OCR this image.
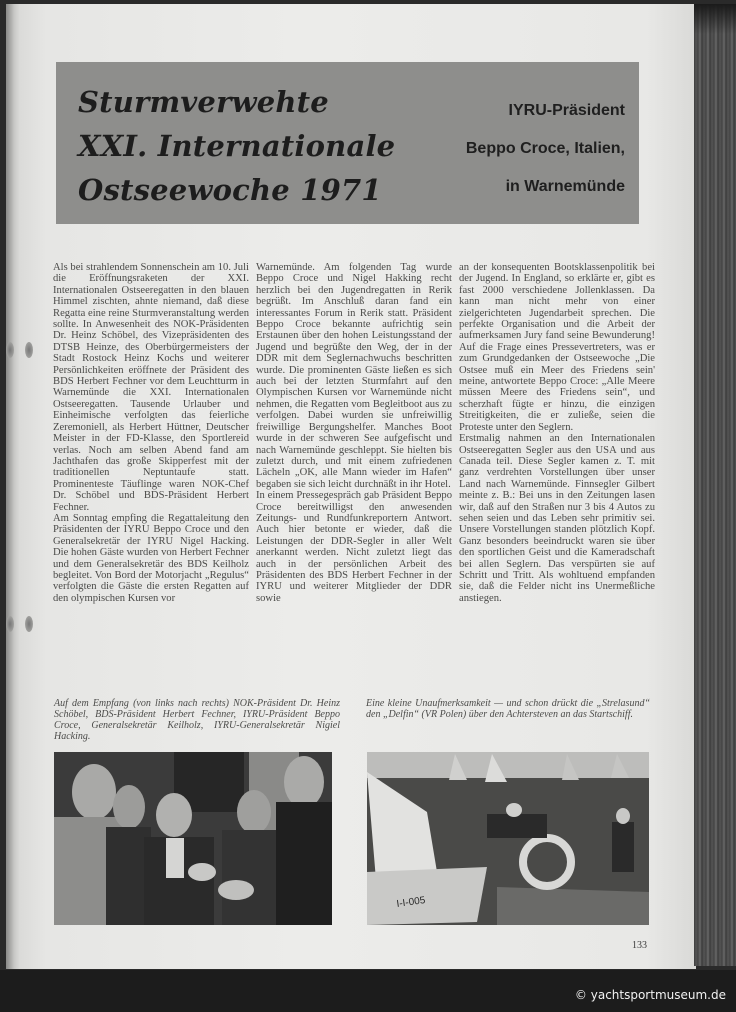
Sturmverwehte
XXI. Internationale
Ostseewoche 1971
IYRU-Präsident
Beppo Croce, Italien,
in Warnemünde

Als bei strahlendem Sonnenschein am 10. Juli die Eröffnungsraketen der XXI. Internationalen Ostseeregatten in den blauen Himmel zischten, ahnte niemand, daß diese Regatta eine reine Sturmveranstaltung werden sollte. In Anwesenheit des NOK-Präsidenten Dr. Heinz Schöbel, des Vizepräsidenten des DTSB Heinze, des Oberbürgermeisters der Stadt Rostock Heinz Kochs und weiterer Persönlichkeiten eröffnete der Präsident des BDS Herbert Fechner vor dem Leuchtturm in Warnemünde die XXI. Internationalen Ostseeregatten. Tausende Urlauber und Einheimische verfolgten das feierliche Zeremoniell, als Herbert Hüttner, Deutscher Meister in der FD-Klasse, den Sportlereid verlas. Noch am selben Abend fand am Jachthafen das große Skipperfest mit der traditionellen Neptuntaufe statt. Prominenteste Täuflinge waren NOK-Chef Dr. Schöbel und BDS-Präsident Herbert Fechner.

Am Sonntag empfing die Regattaleitung den Präsidenten der IYRU Beppo Croce und den Generalsekretär der IYRU Nigel Hacking. Die hohen Gäste wurden von Herbert Fechner und dem Generalsekretär des BDS Keilholz begleitet. Von Bord der Motorjacht „Regulus“ verfolgten die Gäste die ersten Regatten auf den olympischen Kursen vor

Warnemünde. Am folgenden Tag wurde Beppo Croce und Nigel Hakking recht herzlich bei den Jugendregatten in Rerik begrüßt. Im Anschluß daran fand ein interessantes Forum in Rerik statt. Präsident Beppo Croce bekannte aufrichtig sein Erstaunen über den hohen Leistungsstand der Jugend und begrüßte den Weg, der in der DDR mit dem Seglernachwuchs beschritten wurde. Die prominenten Gäste ließen es sich auch bei der letzten Sturmfahrt auf den Olympischen Kursen vor Warnemünde nicht nehmen, die Regatten vom Begleitboot aus zu verfolgen. Dabei wurden sie unfreiwillig freiwillige Bergungshelfer. Manches Boot wurde in der schweren See aufgefischt und nach Warnemünde geschleppt. Sie hielten bis zuletzt durch, und mit einem zufriedenen Lächeln „OK, alle Mann wieder im Hafen“ begaben sie sich leicht durchnäßt in ihr Hotel.

In einem Pressegespräch gab Präsident Beppo Croce bereitwilligst den anwesenden Zeitungs- und Rundfunkreportern Antwort. Auch hier betonte er wieder, daß die Leistungen der DDR-Segler in aller Welt anerkannt werden. Nicht zuletzt liegt das auch in der persönlichen Arbeit des Präsidenten des BDS Herbert Fechner in der IYRU und weiterer Mitglieder der DDR sowie

an der konsequenten Bootsklassenpolitik bei der Jugend. In England, so erklärte er, gibt es fast 2000 verschiedene Jollenklassen. Da kann man nicht mehr von einer zielgerichteten Jugendarbeit sprechen. Die perfekte Organisation und die Arbeit der aufmerksamen Jury fand seine Bewunderung! Auf die Frage eines Pressevertreters, was er zum Grundgedanken der Ostseewoche „Die Ostsee muß ein Meer des Friedens sein' meine, antwortete Beppo Croce: „Alle Meere müssen Meere des Friedens sein“, und scherzhaft fügte er hinzu, die einzigen Streitigkeiten, die er zuließe, seien die Proteste unter den Seglern.

Erstmalig nahmen an den Internationalen Ostseeregatten Segler aus den USA und aus Canada teil. Diese Segler kamen z. T. mit ganz verdrehten Vorstellungen über unser Land nach Warnemünde. Finnsegler Gilbert meinte z. B.: Bei uns in den Zeitungen lasen wir, daß auf den Straßen nur 3 bis 4 Autos zu sehen seien und das Leben sehr primitiv sei. Unsere Vorstellungen standen plötzlich Kopf. Ganz besonders beeindruckt waren sie über den sportlichen Geist und die Kameradschaft bei allen Seglern. Das verspürten sie auf Schritt und Tritt. Als wohltuend empfanden sie, daß die Felder nicht ins Unermeßliche anstiegen.

Auf dem Empfang (von links nach rechts) NOK-Präsident Dr. Heinz Schöbel, BDS-Präsident Herbert Fechner, IYRU-Präsident Beppo Croce, Generalsekretär Keilholz, IYRU-Generalsekretär Nigiel Hacking.
Eine kleine Unaufmerksamkeit — und schon drückt die „Strelasund“ den „Delfin“ (VR Polen) über den Achtersteven an das Startschiff.
I-I-005
133
© yachtsportmuseum.de
